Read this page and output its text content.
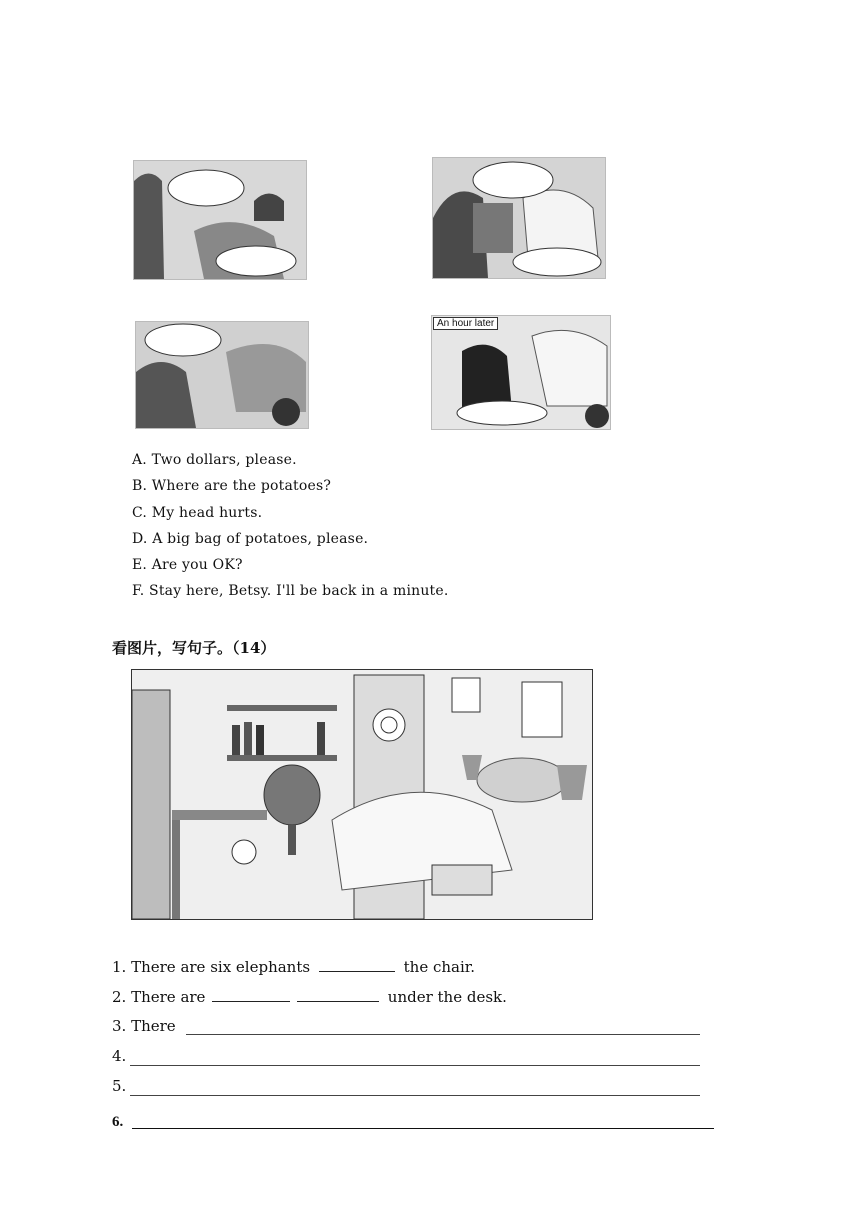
An hour later
A. Two dollars, please.
B. Where are the potatoes?
C. My head hurts.
D. A big bag of potatoes, please.
E. Are you OK?
F. Stay here, Betsy. I'll be back in a minute.
看图片，写句子。（14）
1. There are six elephants	the chair.
2. There are	under the desk.
3. There
4.
5.
6.
